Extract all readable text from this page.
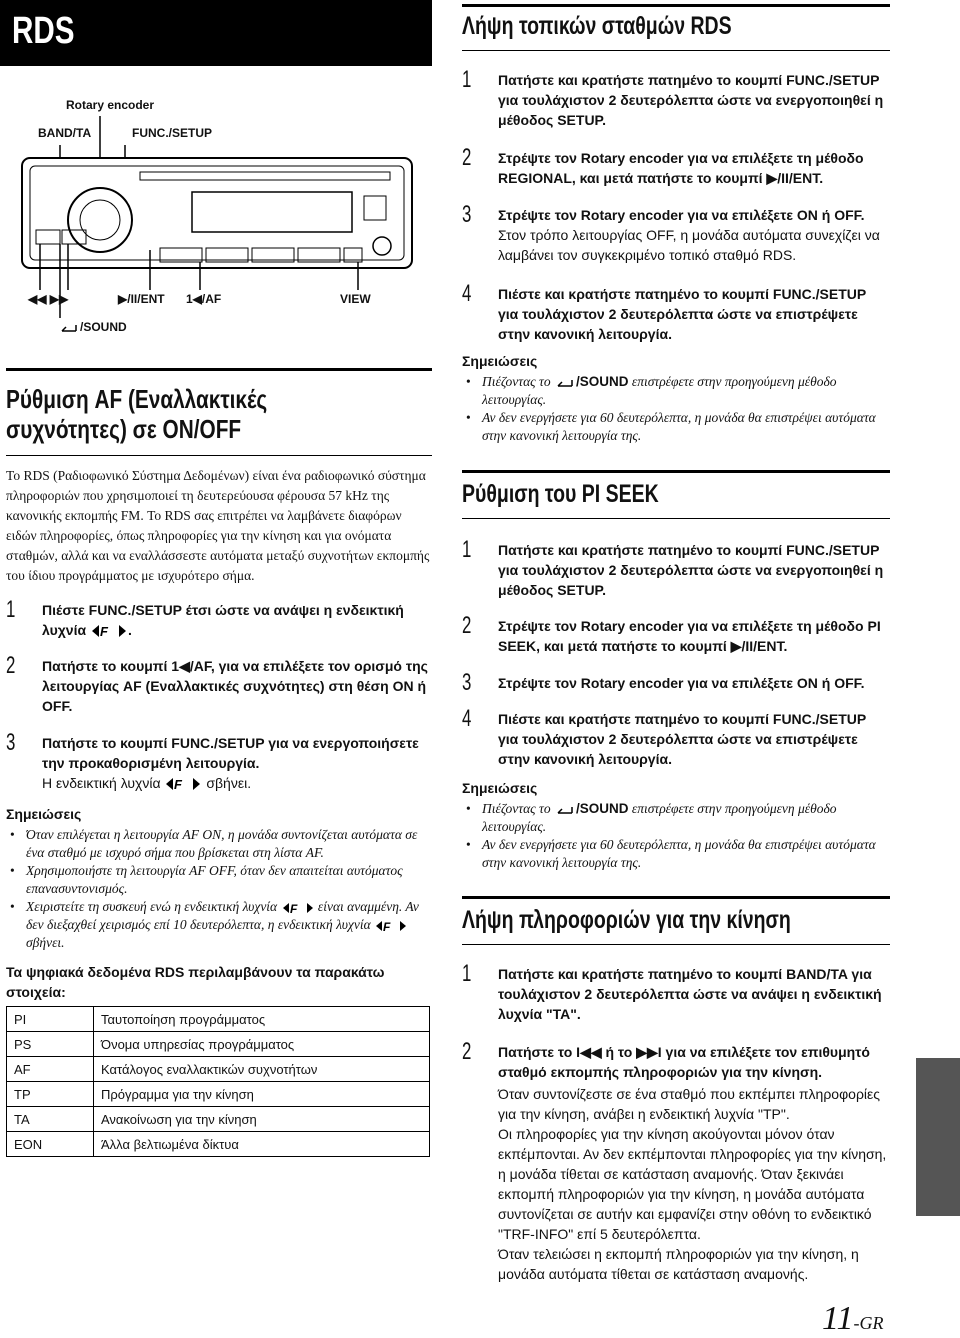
RDS
Rotary encoder
BAND/TA	FUNC./SETUP
◀◀ ▶▶	▶/II/ENT 1◀/AF	VIEW
/SOUND
Ρύθμιση AF (Εναλλακτικές συχνότητες) σε ON/OFF
Το RDS (Ραδιοφωνικό Σύστημα Δεδομένων) είναι ένα ραδιοφωνικό σύστημα πληροφοριών που χρησιμοποιεί τη δευτερεύουσα φέρουσα 57 kHz της κανονικής εκπομπής FM. Το RDS σας επιτρέπει να λαμβάνετε διαφόρων ειδών πληροφορίες, όπως πληροφορίες για την κίνηση και για ονόματα σταθμών, αλλά και να εναλλάσσεστε αυτόματα μεταξύ συχνοτήτων εκπομπής του ίδιου προγράμματος με ισχυρότερο σήμα.
1 Πιέστε FUNC./SETUP έτσι ώστε να ανάψει η ενδεικτική λυχνία F .
2 Πατήστε το κουμπί 1◀/AF, για να επιλέξετε τον ορισμό της λειτουργίας AF (Εναλλακτικές συχνότητες) στη θέση ON ή OFF.
3 Πατήστε το κουμπί FUNC./SETUP για να ενεργοποιήσετε την προκαθορισμένη λειτουργία.
Η ενδεικτική λυχνία F σβήνει.
Σημειώσεις
• Όταν επιλέγεται η λειτουργία AF ON, η μονάδα συντονίζεται αυτόματα σε ένα σταθμό με ισχυρό σήμα που βρίσκεται στη λίστα AF.
• Χρησιμοποιήστε τη λειτουργία AF OFF, όταν δεν απαιτείται αυτόματος επανασυντονισμός.
• Χειριστείτε τη συσκευή ενώ η ενδεικτική λυχνία F είναι αναμμένη. Αν δεν διεξαχθεί χειρισμός επί 10 δευτερόλεπτα, η ενδεικτική λυχνία F
σβήνει.
Τα ψηφιακά δεδομένα RDS περιλαμβάνουν τα παρακάτω στοιχεία:
PI	Ταυτοποίηση προγράμματος
PS	Όνομα υπηρεσίας προγράμματος
AF	Κατάλογος εναλλακτικών συχνοτήτων
TP	Πρόγραμμα για την κίνηση
TA	Ανακοίνωση για την κίνηση
EON	Άλλα βελτιωμένα δίκτυα
Λήψη τοπικών σταθμών RDS
1 Πατήστε και κρατήστε πατημένο το κουμπί FUNC./SETUP για τουλάχιστον 2 δευτερόλεπτα ώστε να ενεργοποιηθεί η μέθοδος SETUP.
2 Στρέψτε τον Rotary encoder για να επιλέξετε τη μέθοδο REGIONAL, και μετά πατήστε το κουμπί ▶/II/ENT.
3 Στρέψτε τον Rotary encoder για να επιλέξετε ON ή OFF.
Στον τρόπο λειτουργίας OFF, η μονάδα αυτόματα συνεχίζει να λαμβάνει τον συγκεκριμένο τοπικό σταθμό RDS.
4 Πιέστε και κρατήστε πατημένο το κουμπί FUNC./SETUP για τουλάχιστον 2 δευτερόλεπτα ώστε να επιστρέψετε στην κανονική λειτουργία.
Σημειώσεις
• Πιέζοντας το /SOUND επιστρέφετε στην προηγούμενη μέθοδο λειτουργίας.
• Αν δεν ενεργήσετε για 60 δευτερόλεπτα, η μονάδα θα επιστρέψει αυτόματα στην κανονική λειτουργία της.
Ρύθμιση του PI SEEK
1 Πατήστε και κρατήστε πατημένο το κουμπί FUNC./SETUP για τουλάχιστον 2 δευτερόλεπτα ώστε να ενεργοποιηθεί η μέθοδος SETUP.
2 Στρέψτε τον Rotary encoder για να επιλέξετε τη μέθοδο PI SEEK, και μετά πατήστε το κουμπί ▶/II/ENT.
3 Στρέψτε τον Rotary encoder για να επιλέξετε ON ή OFF.
4 Πιέστε και κρατήστε πατημένο το κουμπί FUNC./SETUP για τουλάχιστον 2 δευτερόλεπτα ώστε να επιστρέψετε στην κανονική λειτουργία.
Σημειώσεις
• Πιέζοντας το /SOUND επιστρέφετε στην προηγούμενη μέθοδο λειτουργίας.
• Αν δεν ενεργήσετε για 60 δευτερόλεπτα, η μονάδα θα επιστρέψει αυτόματα στην κανονική λειτουργία της.
Λήψη πληροφοριών για την κίνηση
1 Πατήστε και κρατήστε πατημένο το κουμπί BAND/TA για τουλάχιστον 2 δευτερόλεπτα ώστε να ανάψει η ενδεικτική λυχνία "TA".
2 Πατήστε το I◀◀ ή το ▶▶I για να επιλέξετε τον επιθυμητό σταθμό εκπομπής πληροφοριών για την κίνηση.

Όταν συντονίζεστε σε ένα σταθμό που εκπέμπει πληροφορίες για την κίνηση, ανάβει η ενδεικτική λυχνία "TP".
Οι πληροφορίες για την κίνηση ακούγονται μόνον όταν εκπέμπονται. Αν δεν εκπέμπονται πληροφορίες για την κίνηση, η μονάδα τίθεται σε κατάσταση αναμονής. Όταν ξεκινάει εκπομπή πληροφοριών για την κίνηση, η μονάδα αυτόματα συντονίζεται σε αυτήν και εμφανίζει στην οθόνη το ενδεικτικό "TRF-INFO" επί 5 δευτερόλεπτα.
Όταν τελειώσει η εκπομπή πληροφοριών για την κίνηση, η μονάδα αυτόματα τίθεται σε κατάσταση αναμονής.
11-GR
